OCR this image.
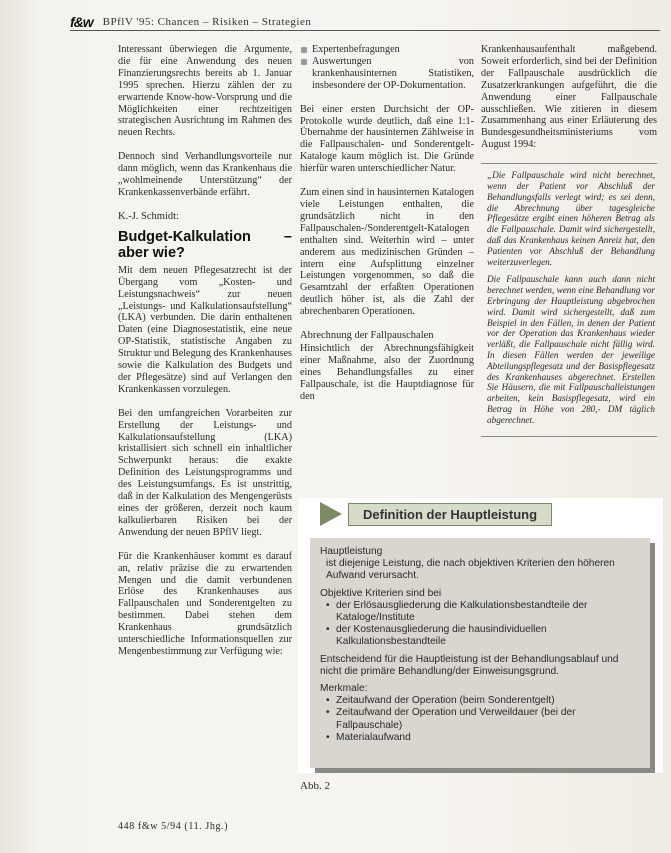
f&w BPflV '95: Chancen – Risiken – Strategien

Interessant überwiegen die Argumente, die für eine Anwendung des neuen Finanzierungsrechts bereits ab 1. Januar 1995 sprechen. Hierzu zählen der zu erwartende Know-how-Vorsprung und die Möglichkeiten einer rechtzeitigen strategischen Ausrichtung im Rahmen des neuen Rechts.

Dennoch sind Verhandlungsvorteile nur dann möglich, wenn das Krankenhaus die „wohlmeinende Unterstützung“ der Krankenkassenverbände erfährt.

K.-J. Schmidt:
Budget-Kalkulation – aber wie?

Mit dem neuen Pflegesatzrecht ist der Übergang vom „Kosten- und Leistungsnachweis“ zur neuen „Leistungs- und Kalkulationsaufstellung“ (LKA) verbunden. Die darin enthaltenen Daten (eine Diagnosestatistik, eine neue OP-Statistik, statistische Angaben zu Struktur und Belegung des Krankenhauses sowie die Kalkulation des Budgets und der Pflegesätze) sind auf Verlangen den Krankenkassen vorzulegen.

Bei den umfangreichen Vorarbeiten zur Erstellung der Leistungs- und Kalkulationsaufstellung (LKA) kristallisiert sich schnell ein inhaltlicher Schwerpunkt heraus: die exakte Definition des Leistungsprogramms und des Leistungsumfangs. Es ist unstrittig, daß in der Kalkulation des Mengengerüsts eines der größeren, derzeit noch kaum kalkulierbaren Risiken bei der Anwendung der neuen BPflV liegt.

Für die Krankenhäuser kommt es darauf an, relativ präzise die zu erwartenden Mengen und die damit verbundenen Erlöse des Krankenhauses aus Fallpauschalen und Sonderentgelten zu bestimmen. Dabei stehen dem Krankenhaus grundsätzlich unterschiedliche Informationsquellen zur Mengenbestimmung zur Verfügung wie:

Expertenbefragungen
Auswertungen von krankenhausinternen Statistiken, insbesondere der OP-Dokumentation.

Bei einer ersten Durchsicht der OP-Protokolle wurde deutlich, daß eine 1:1-Übernahme der hausinternen Zählweise in die Fallpauschalen- und Sonderentgelt-Kataloge kaum möglich ist. Die Gründe hierfür waren unterschiedlicher Natur.

Zum einen sind in hausinternen Katalogen viele Leistungen enthalten, die grundsätzlich nicht in den Fallpauschalen-/Sonderentgelt-Katalogen enthalten sind. Weiterhin wird – unter anderem aus medizinischen Gründen – intern eine Aufsplittung einzelner Leistungen vorgenommen, so daß die Gesamtzahl der erfaßten Operationen deutlich höher ist, als die Zahl der abrechenbaren Operationen.

Abrechnung der Fallpauschalen

Hinsichtlich der Abrechnungsfähigkeit einer Maßnahme, also der Zuordnung eines Behandlungsfalles zu einer Fallpauschale, ist die Hauptdiagnose für den

Krankenhausaufenthalt maßgebend. Soweit erforderlich, sind bei der Definition der Fallpauschale ausdrücklich die Zusatzerkrankungen aufgeführt, die die Anwendung einer Fallpauschale ausschließen. Wie zitieren in diesem Zusammenhang aus einer Erläuterung des Bundesgesundheitsministeriums vom August 1994:

„Die Fallpauschale wird nicht berechnet, wenn der Patient vor Abschluß der Behandlungsfalls verlegt wird; es sei denn, die Abrechnung über tagesgleiche Pflegesätze ergibt einen höheren Betrag als die Fallpauschale. Damit wird sichergestellt, daß das Krankenhaus keinen Anreiz hat, den Patienten vor Abschluß der Behandlung weiterzuverlegen.

Die Fallpauschale kann auch dann nicht berechnet werden, wenn eine Behandlung vor Erbringung der Hauptleistung abgebrochen wird. Damit wird sichergestellt, daß zum Beispiel in den Fällen, in denen der Patient vor der Operation das Krankenhaus wieder verläßt, die Fallpauschale nicht fällig wird. In diesen Fällen werden der jeweilige Abteilungspflegesatz und der Basispflegesatz des Krankenhauses abgerechnet. Erstellen Sie Häusern, die mit Fallpauschalleistungen arbeiten, kein Basispflegesatz, wird ein Betrag in Höhe von 280,- DM täglich abgerechnet.

Definition der Hauptleistung
Hauptleistung
ist diejenige Leistung, die nach objektiven Kriterien den höheren Aufwand verursacht.
Objektive Kriterien sind bei
• der Erlösausgliederung die Kalkulationsbestandteile der Kataloge/Institute
• der Kostenausgliederung die hausindividuellen Kalkulationsbestandteile
Entscheidend für die Hauptleistung ist der Behandlungsablauf und nicht die primäre Behandlung/der Einweisungsgrund.
Merkmale:
• Zeitaufwand der Operation (beim Sonderentgelt)
• Zeitaufwand der Operation und Verweildauer (bei der Fallpauschale)
• Materialaufwand
Abb. 2
448 f&w 5/94 (11. Jhg.)
